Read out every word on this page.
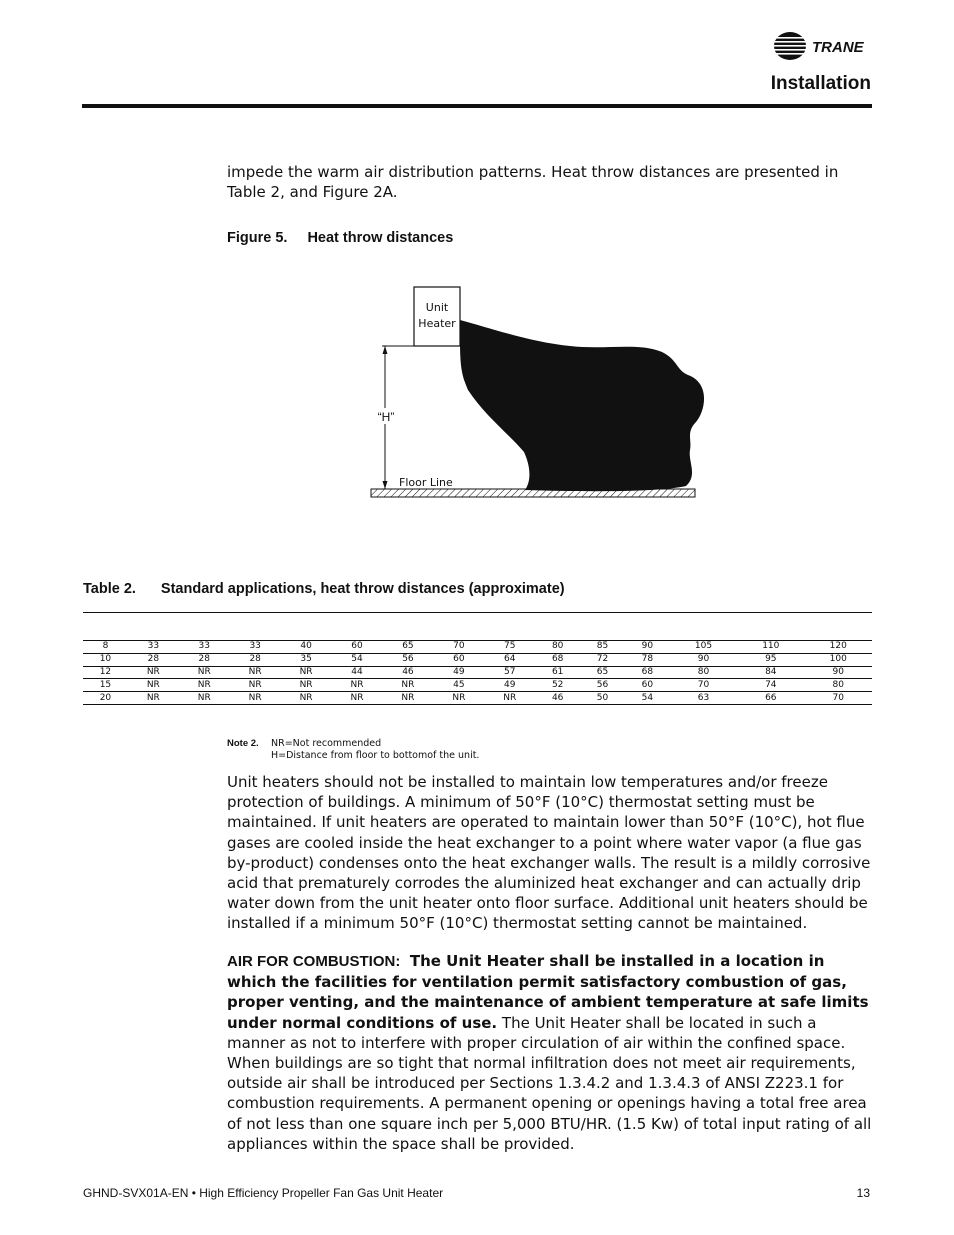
TRANE
Installation
impede the warm air distribution patterns. Heat throw distances are presented in Table 2, and Figure 2A.
Figure 5. Heat throw distances
Unit
Heater
“H”
Floor Line
Table 2. Standard applications, heat throw distances (approximate)
8	33	33	33	40	60	65	70	75	80	85	90	105	110	120
10	28	28	28	35	54	56	60	64	68	72	78	90	95	100
12	NR	NR	NR	NR	44	46	49	57	61	65	68	80	84	90
15	NR	NR	NR	NR	NR	NR	45	49	52	56	60	70	74	80
20	NR	NR	NR	NR	NR	NR	NR	NR	46	50	54	63	66	70
Note 2. NR=Not recommended
H=Distance from floor to bottomof the unit.
Unit heaters should not be installed to maintain low temperatures and/or freeze protection of buildings. A minimum of 50°F (10°C) thermostat setting must be maintained. If unit heaters are operated to maintain lower than 50°F (10°C), hot flue gases are cooled inside the heat exchanger to a point where water vapor (a flue gas by-product) condenses onto the heat exchanger walls. The result is a mildly corrosive acid that prematurely corrodes the aluminized heat exchanger and can actually drip water down from the unit heater onto floor surface. Additional unit heaters should be installed if a minimum 50°F (10°C) thermostat setting cannot be maintained.
AIR FOR COMBUSTION: The Unit Heater shall be installed in a location in which the facilities for ventilation permit satisfactory combustion of gas, proper venting, and the maintenance of ambient temperature at safe limits under normal conditions of use. The Unit Heater shall be located in such a manner as not to interfere with proper circulation of air within the confined space. When buildings are so tight that normal infiltration does not meet air requirements, outside air shall be introduced per Sections 1.3.4.2 and 1.3.4.3 of ANSI Z223.1 for combustion requirements. A permanent opening or openings having a total free area of not less than one square inch per 5,000 BTU/HR. (1.5 Kw) of total input rating of all appliances within the space shall be provided.
GHND-SVX01A-EN • High Efficiency Propeller Fan Gas Unit Heater	13
